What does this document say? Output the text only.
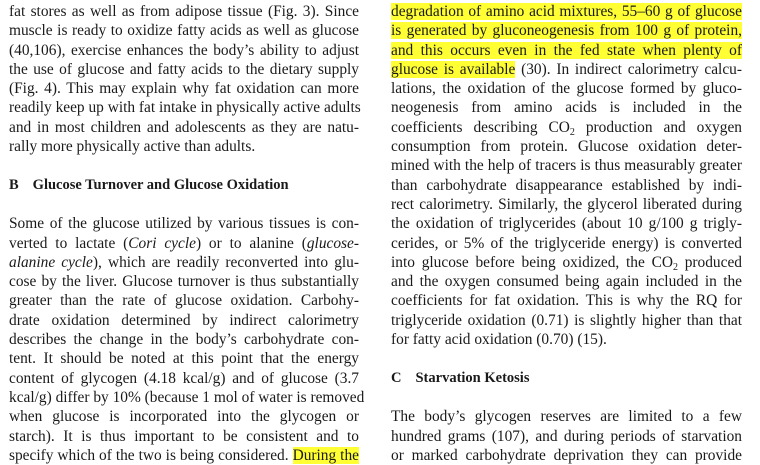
fat stores as well as from adipose tissue (Fig. 3). Since
muscle is ready to oxidize fatty acids as well as glucose
(40,106), exercise enhances the body’s ability to adjust
the use of glucose and fatty acids to the dietary supply
(Fig. 4). This may explain why fat oxidation can more
readily keep up with fat intake in physically active adults
and in most children and adolescents as they are natu-
rally more physically active than adults.
B Glucose Turnover and Glucose Oxidation
Some of the glucose utilized by various tissues is con-
verted to lactate (Cori cycle) or to alanine (glucose-
alanine cycle), which are readily reconverted into glu-
cose by the liver. Glucose turnover is thus substantially
greater than the rate of glucose oxidation. Carbohy-
drate oxidation determined by indirect calorimetry
describes the change in the body’s carbohydrate con-
tent. It should be noted at this point that the energy
content of glycogen (4.18 kcal/g) and of glucose (3.7
kcal/g) differ by 10% (because 1 mol of water is removed
when glucose is incorporated into the glycogen or
starch). It is thus important to be consistent and to
specify which of the two is being considered. During the
degradation of amino acid mixtures, 55–60 g of glucose
is generated by gluconeogenesis from 100 g of protein,
and this occurs even in the fed state when plenty of
glucose is available (30). In indirect calorimetry calcu-
lations, the oxidation of the glucose formed by gluco-
neogenesis from amino acids is included in the
coefficients describing $CO_2$ production and oxygen
consumption from protein. Glucose oxidation deter-
mined with the help of tracers is thus measurably greater
than carbohydrate disappearance established by indi-
rect calorimetry. Similarly, the glycerol liberated during
the oxidation of triglycerides (about 10 g/100 g trigly-
cerides, or 5% of the triglyceride energy) is converted
into glucose before being oxidized, the $CO_2$ produced
and the oxygen consumed being again included in the
coefficients for fat oxidation. This is why the RQ for
triglyceride oxidation (0.71) is slightly higher than that
for fatty acid oxidation (0.70) (15).
C Starvation Ketosis
The body’s glycogen reserves are limited to a few
hundred grams (107), and during periods of starvation
or marked carbohydrate deprivation they can provide
